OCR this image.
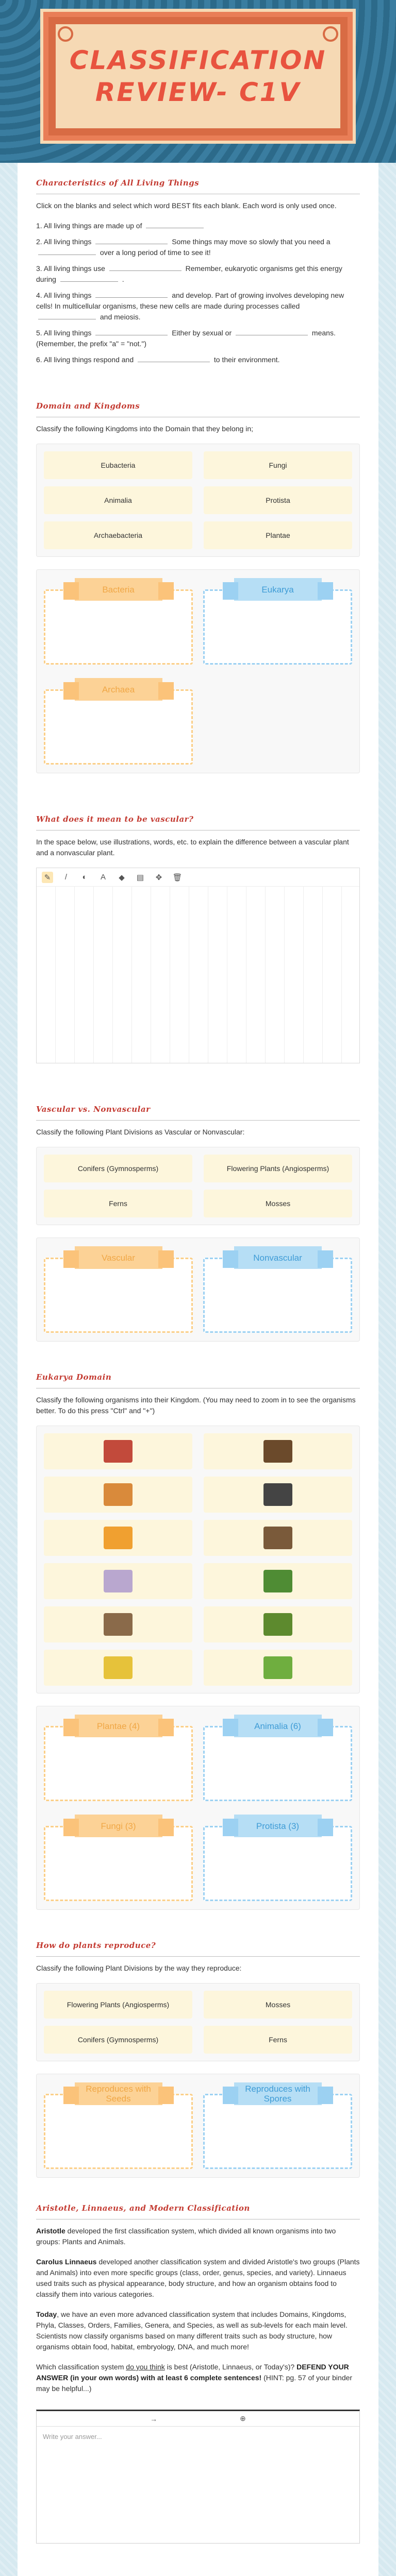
CLASSIFICATION REVIEW- C1V
Characteristics of All Living Things

Click on the blanks and select which word BEST fits each blank. Each word is only used once.

1. All living things are made up of

2. All living things	Some things may move so slowly that you need a  over a long period of time to see it!

3. All living things use	Remember, eukaryotic organisms get this energy during	.

4. All living things	and develop. Part of growing involves developing new cells! In multicellular organisms, these new cells are made during processes called  and meiosis.

5. All living things	Either by sexual or	means. (Remember, the prefix "a" = "not.")

6. All living things respond and	to their environment.

Domain and Kingdoms

Classify the following Kingdoms into the Domain that they belong in;

Eubacteria	Fungi
Animalia	Protista
Archaebacteria	Plantae
Bacteria	Eukarya
Archaea
What does it mean to be vascular?

In the space below, use illustrations, words, etc. to explain the difference between a vascular plant and a nonvascular plant.

✎	/	◐	A	◆	▤	✥	🗑
Vascular vs. Nonvascular

Classify the following Plant Divisions as Vascular or Nonvascular:

Conifers (Gymnosperms)	Flowering Plants (Angiosperms)
Ferns	Mosses
Vascular	Nonvascular
Eukarya Domain

Classify the following organisms into their Kingdom. (You may need to zoom in to see the organisms better. To do this press "Ctrl" and "+")

Plantae (4)	Animalia (6)
Fungi (3)	Protista (3)
How do plants reproduce?

Classify the following Plant Divisions by the way they reproduce:

Flowering Plants (Angiosperms)	Mosses
Conifers (Gymnosperms)	Ferns
Reproduces with Seeds
Reproduces with Spores
Aristotle, Linnaeus, and Modern Classification

Aristotle developed the first classification system, which divided all known organisms into two groups: Plants and Animals.

Carolus Linnaeus developed another classification system and divided Aristotle's two groups (Plants and Animals) into even more specific groups (class, order, genus, species, and variety). Linnaeus used traits such as physical appearance, body structure, and how an organism obtains food to classify them into various categories.

Today, we have an even more advanced classification system that includes Domains, Kingdoms, Phyla, Classes, Orders, Families, Genera, and Species, as well as sub-levels for each main level. Scientists now classify organisms based on many different traits such as body structure, how organisms obtain food, habitat, embryology, DNA, and much more!

Which classification system do you think is best (Aristotle, Linnaeus, or Today's)? DEFEND YOUR ANSWER (in your own words) with at least 6 complete sentences! (HINT: pg. 57 of your binder may be helpful...)

→	⊕
Write your answer...
